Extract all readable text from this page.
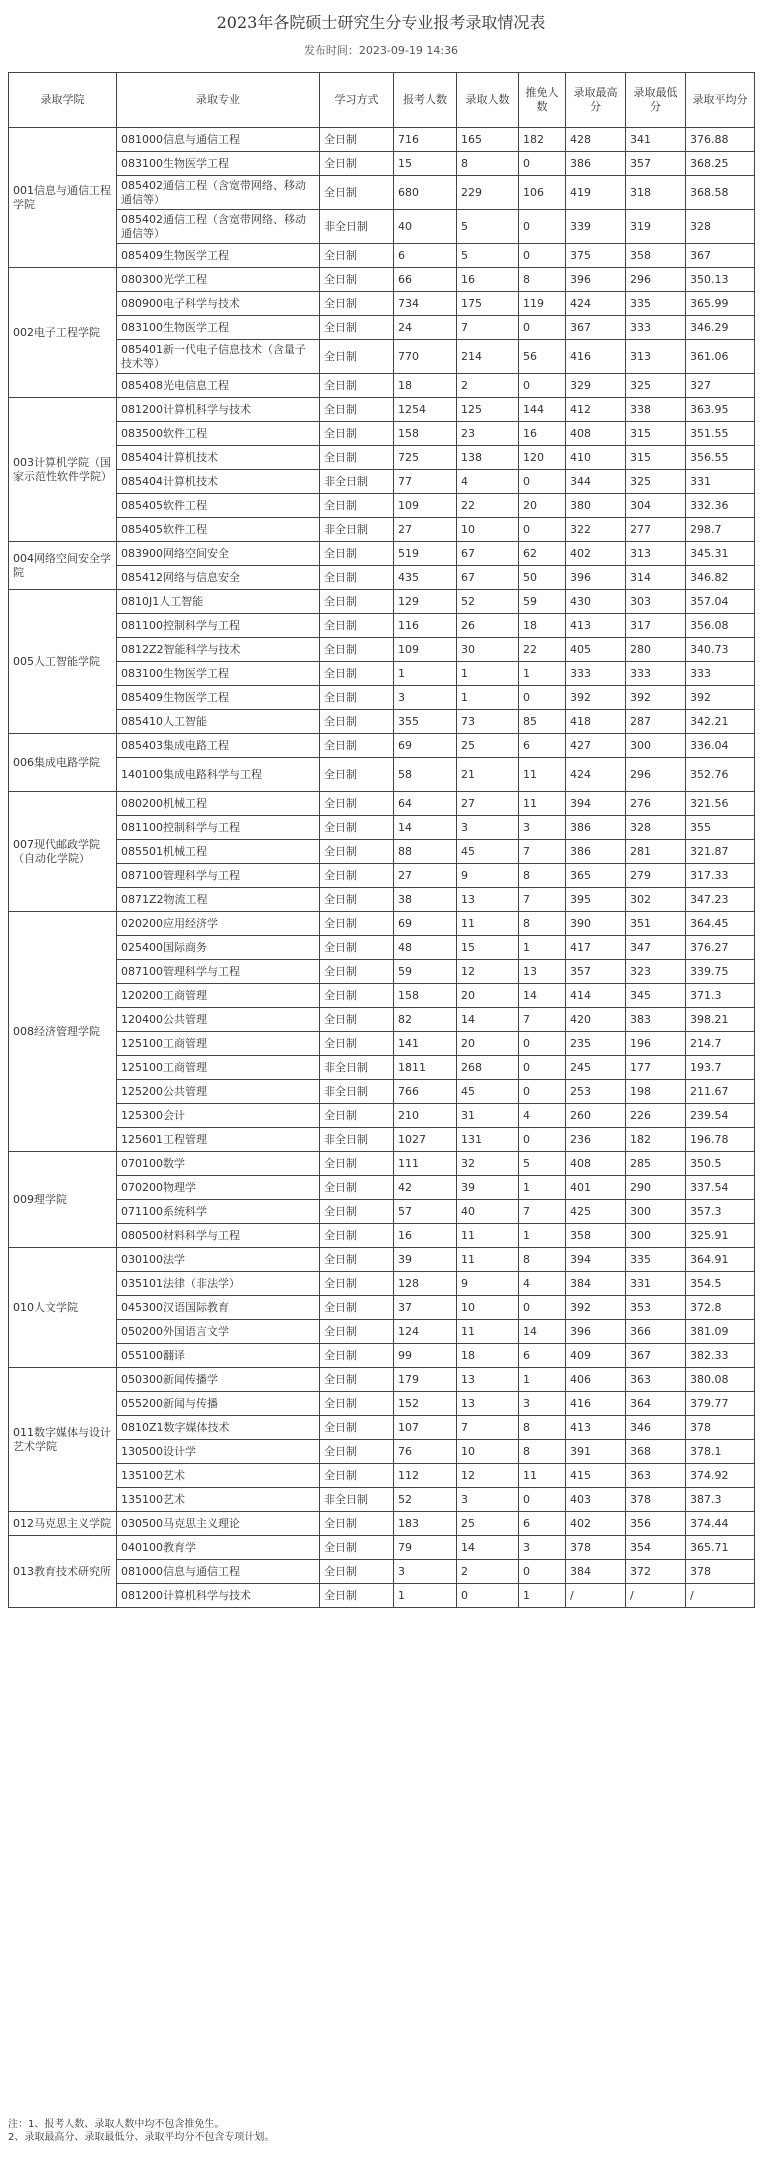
2023年各院硕士研究生分专业报考录取情况表
发布时间：2023-09-19 14:36
录取学院	录取专业	学习方式	报考人数	录取人数	推免人数	录取最高分	录取最低分	录取平均分
001信息与通信工程学院	081000信息与通信工程	全日制	716	165	182	428	341	376.88
	083100生物医学工程	全日制	15	8	0	386	357	368.25
	085402通信工程（含宽带网络、移动通信等）	全日制	680	229	106	419	318	368.58
	085402通信工程（含宽带网络、移动通信等）	非全日制	40	5	0	339	319	328
	085409生物医学工程	全日制	6	5	0	375	358	367
002电子工程学院	080300光学工程	全日制	66	16	8	396	296	350.13
	080900电子科学与技术	全日制	734	175	119	424	335	365.99
	083100生物医学工程	全日制	24	7	0	367	333	346.29
	085401新一代电子信息技术（含量子技术等）	全日制	770	214	56	416	313	361.06
	085408光电信息工程	全日制	18	2	0	329	325	327
003计算机学院（国家示范性软件学院）	081200计算机科学与技术	全日制	1254	125	144	412	338	363.95
	083500软件工程	全日制	158	23	16	408	315	351.55
	085404计算机技术	全日制	725	138	120	410	315	356.55
	085404计算机技术	非全日制	77	4	0	344	325	331
	085405软件工程	全日制	109	22	20	380	304	332.36
	085405软件工程	非全日制	27	10	0	322	277	298.7
004网络空间安全学院	083900网络空间安全	全日制	519	67	62	402	313	345.31
	085412网络与信息安全	全日制	435	67	50	396	314	346.82
005人工智能学院	0810J1人工智能	全日制	129	52	59	430	303	357.04
	081100控制科学与工程	全日制	116	26	18	413	317	356.08
	0812Z2智能科学与技术	全日制	109	30	22	405	280	340.73
	083100生物医学工程	全日制	1	1	1	333	333	333
	085409生物医学工程	全日制	3	1	0	392	392	392
	085410人工智能	全日制	355	73	85	418	287	342.21
006集成电路学院	085403集成电路工程	全日制	69	25	6	427	300	336.04
	140100集成电路科学与工程	全日制	58	21	11	424	296	352.76
007现代邮政学院（自动化学院）	080200机械工程	全日制	64	27	11	394	276	321.56
	081100控制科学与工程	全日制	14	3	3	386	328	355
	085501机械工程	全日制	88	45	7	386	281	321.87
	087100管理科学与工程	全日制	27	9	8	365	279	317.33
	0871Z2物流工程	全日制	38	13	7	395	302	347.23
008经济管理学院	020200应用经济学	全日制	69	11	8	390	351	364.45
	025400国际商务	全日制	48	15	1	417	347	376.27
	087100管理科学与工程	全日制	59	12	13	357	323	339.75
	120200工商管理	全日制	158	20	14	414	345	371.3
	120400公共管理	全日制	82	14	7	420	383	398.21
	125100工商管理	全日制	141	20	0	235	196	214.7
	125100工商管理	非全日制	1811	268	0	245	177	193.7
	125200公共管理	非全日制	766	45	0	253	198	211.67
	125300会计	全日制	210	31	4	260	226	239.54
	125601工程管理	非全日制	1027	131	0	236	182	196.78
009理学院	070100数学	全日制	111	32	5	408	285	350.5
	070200物理学	全日制	42	39	1	401	290	337.54
	071100系统科学	全日制	57	40	7	425	300	357.3
	080500材料科学与工程	全日制	16	11	1	358	300	325.91
010人文学院	030100法学	全日制	39	11	8	394	335	364.91
	035101法律（非法学）	全日制	128	9	4	384	331	354.5
	045300汉语国际教育	全日制	37	10	0	392	353	372.8
	050200外国语言文学	全日制	124	11	14	396	366	381.09
	055100翻译	全日制	99	18	6	409	367	382.33
011数字媒体与设计艺术学院	050300新闻传播学	全日制	179	13	1	406	363	380.08
	055200新闻与传播	全日制	152	13	3	416	364	379.77
	0810Z1数字媒体技术	全日制	107	7	8	413	346	378
	130500设计学	全日制	76	10	8	391	368	378.1
	135100艺术	全日制	112	12	11	415	363	374.92
	135100艺术	非全日制	52	3	0	403	378	387.3
012马克思主义学院	030500马克思主义理论	全日制	183	25	6	402	356	374.44
013教育技术研究所	040100教育学	全日制	79	14	3	378	354	365.71
	081000信息与通信工程	全日制	3	2	0	384	372	378
	081200计算机科学与技术	全日制	1	0	1	/	/	/
注：1、报考人数、录取人数中均不包含推免生。
2、录取最高分、录取最低分、录取平均分不包含专项计划。
